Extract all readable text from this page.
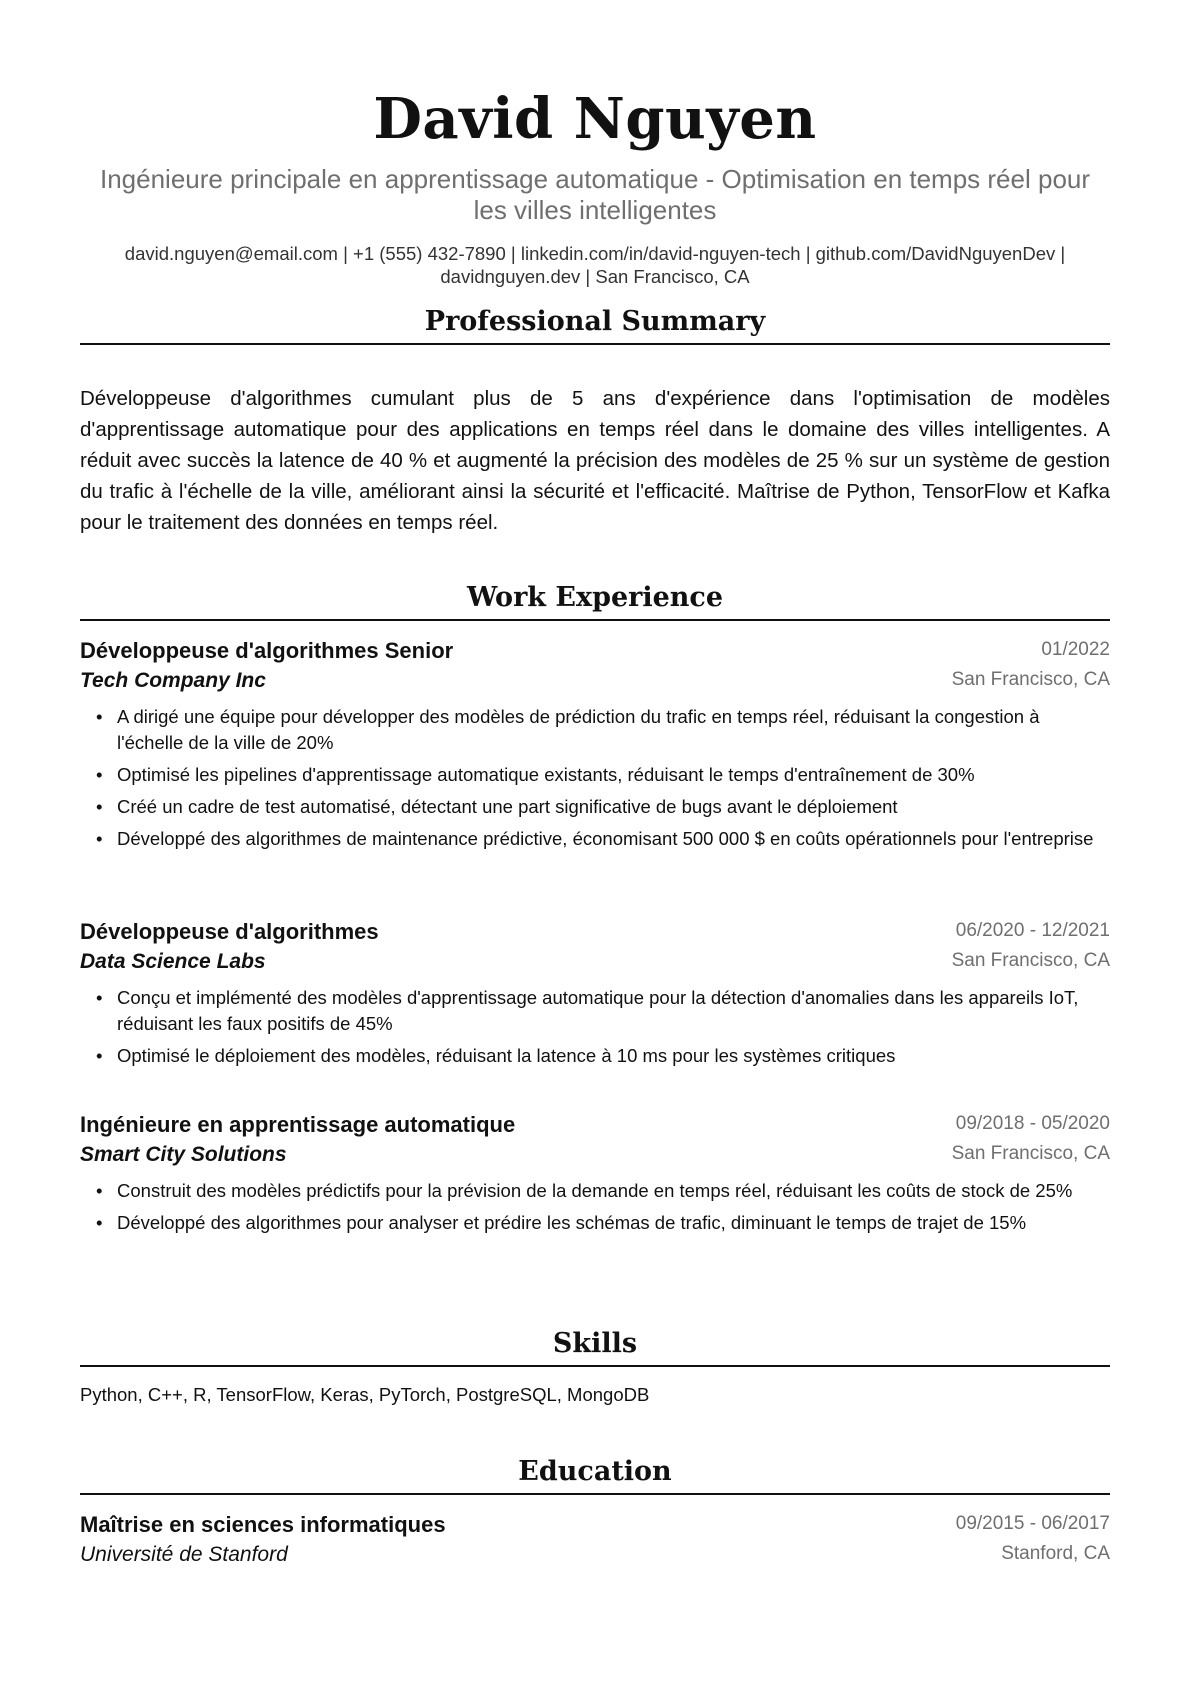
David Nguyen

Ingénieure principale en apprentissage automatique - Optimisation en temps réel pour les villes intelligentes

david.nguyen@email.com | +1 (555) 432-7890 | linkedin.com/in/david-nguyen-tech | github.com/DavidNguyenDev | davidnguyen.dev | San Francisco, CA

Professional Summary

Développeuse d'algorithmes cumulant plus de 5 ans d'expérience dans l'optimisation de modèles d'apprentissage automatique pour des applications en temps réel dans le domaine des villes intelligentes. A réduit avec succès la latence de 40 % et augmenté la précision des modèles de 25 % sur un système de gestion du trafic à l'échelle de la ville, améliorant ainsi la sécurité et l'efficacité. Maîtrise de Python, TensorFlow et Kafka pour le traitement des données en temps réel.

Work Experience
Développeuse d'algorithmes Senior	01/2022
Tech Company Inc	San Francisco, CA
• A dirigé une équipe pour développer des modèles de prédiction du trafic en temps réel, réduisant la congestion à l'échelle de la ville de 20%
• Optimisé les pipelines d'apprentissage automatique existants, réduisant le temps d'entraînement de 30%
• Créé un cadre de test automatisé, détectant une part significative de bugs avant le déploiement
• Développé des algorithmes de maintenance prédictive, économisant 500 000 $ en coûts opérationnels pour l'entreprise
Développeuse d'algorithmes	06/2020 - 12/2021
Data Science Labs	San Francisco, CA
• Conçu et implémenté des modèles d'apprentissage automatique pour la détection d'anomalies dans les appareils IoT, réduisant les faux positifs de 45%
• Optimisé le déploiement des modèles, réduisant la latence à 10 ms pour les systèmes critiques
Ingénieure en apprentissage automatique	09/2018 - 05/2020
Smart City Solutions	San Francisco, CA
• Construit des modèles prédictifs pour la prévision de la demande en temps réel, réduisant les coûts de stock de 25%
• Développé des algorithmes pour analyser et prédire les schémas de trafic, diminuant le temps de trajet de 15%
Skills

Python, C++, R, TensorFlow, Keras, PyTorch, PostgreSQL, MongoDB

Education
Maîtrise en sciences informatiques	09/2015 - 06/2017
Université de Stanford	Stanford, CA
